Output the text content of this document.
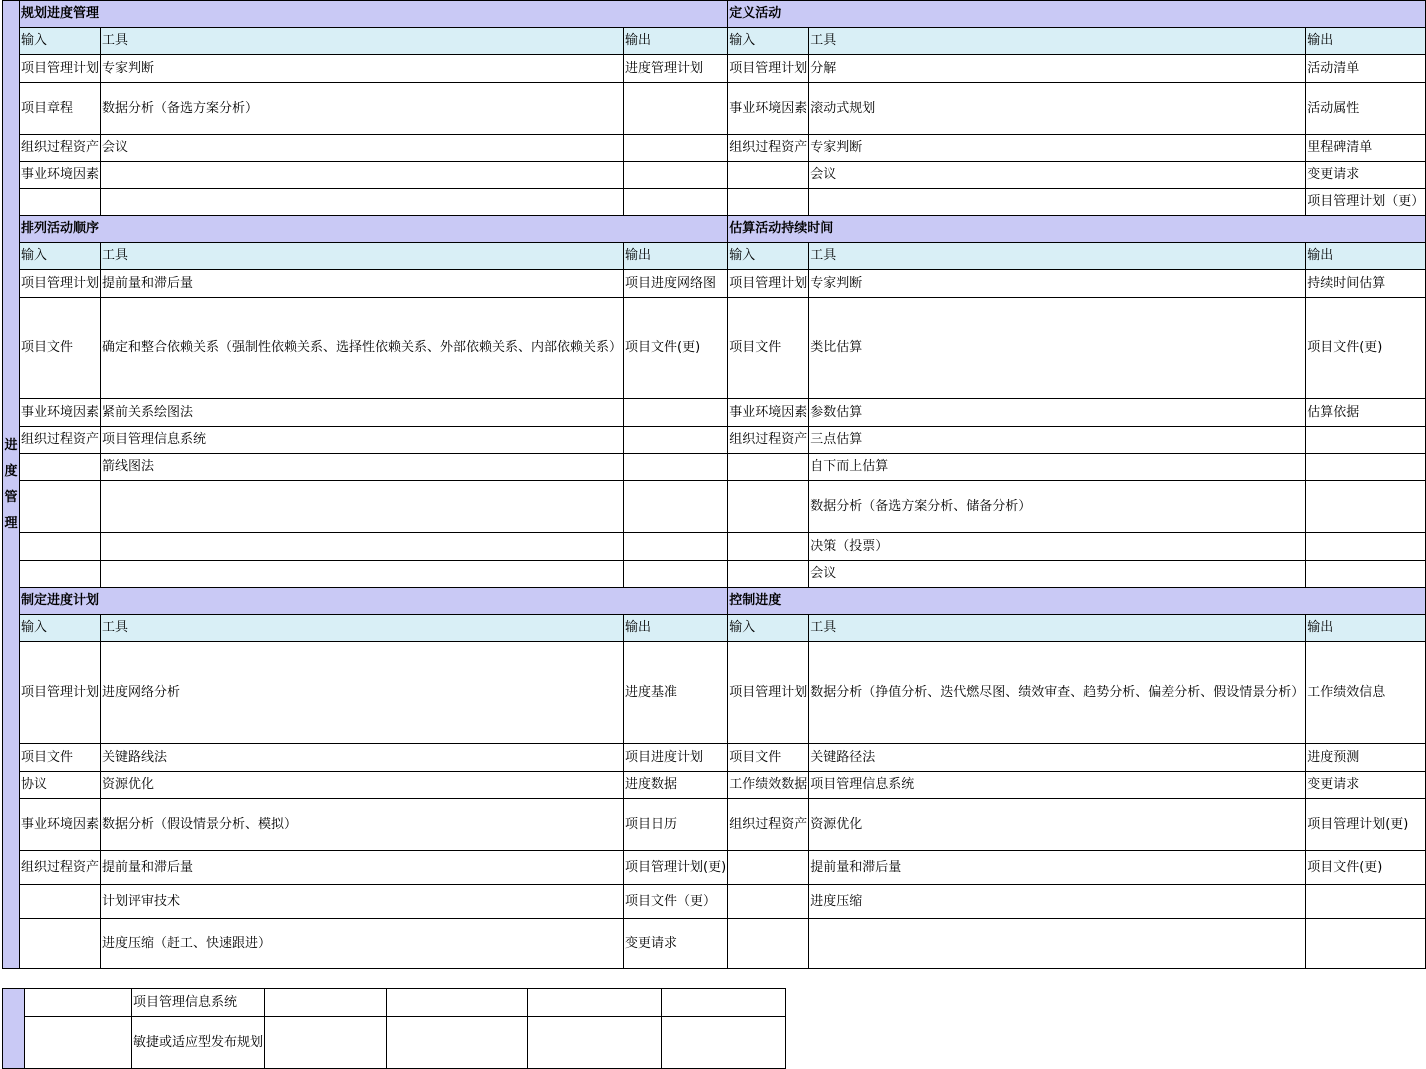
进度管理	规划进度管理			定义活动		
	输入	工具	输出	输入	工具	输出
	项目管理计划	专家判断	进度管理计划	项目管理计划	分解	活动清单
	项目章程	数据分析（备选方案分析）		事业环境因素	滚动式规划	活动属性
	组织过程资产	会议		组织过程资产	专家判断	里程碑清单
	事业环境因素				会议	变更请求
						项目管理计划（更）
	排列活动顺序			估算活动持续时间		
	输入	工具	输出	输入	工具	输出
	项目管理计划	提前量和滞后量	项目进度网络图	项目管理计划	专家判断	持续时间估算
	项目文件	确定和整合依赖关系（强制性依赖关系、选择性依赖关系、外部依赖关系、内部依赖关系）	项目文件(更)	项目文件	类比估算	项目文件(更)
	事业环境因素	紧前关系绘图法		事业环境因素	参数估算	估算依据
	组织过程资产	项目管理信息系统		组织过程资产	三点估算	
		箭线图法			自下而上估算	
					数据分析（备选方案分析、储备分析）	
					决策（投票）	
					会议	
	制定进度计划			控制进度		
	输入	工具	输出	输入	工具	输出
	项目管理计划	进度网络分析	进度基准	项目管理计划	数据分析（挣值分析、迭代燃尽图、绩效审查、趋势分析、偏差分析、假设情景分析）	工作绩效信息
	项目文件	关键路线法	项目进度计划	项目文件	关键路径法	进度预测
	协议	资源优化	进度数据	工作绩效数据	项目管理信息系统	变更请求
	事业环境因素	数据分析（假设情景分析、模拟）	项目日历	组织过程资产	资源优化	项目管理计划(更)
	组织过程资产	提前量和滞后量	项目管理计划(更)		提前量和滞后量	项目文件(更)
		计划评审技术	项目文件（更）		进度压缩	
		进度压缩（赶工、快速跟进）	变更请求			
		项目管理信息系统				
		敏捷或适应型发布规划				
